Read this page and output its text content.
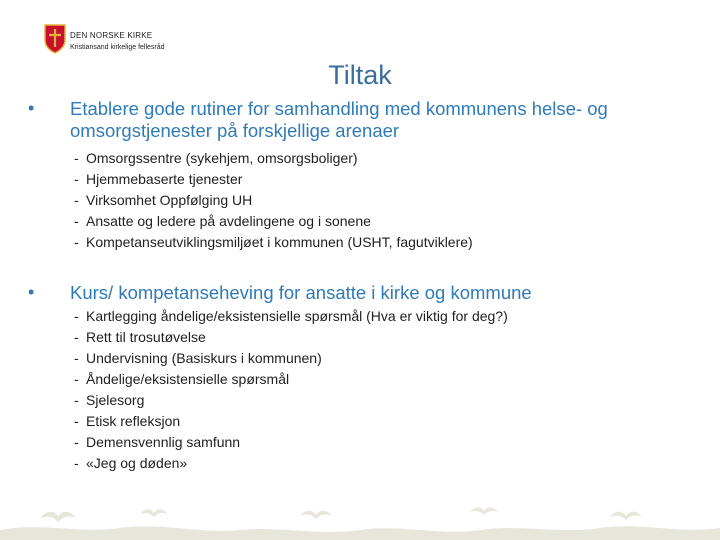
DEN NORSKE KIRKE
Kristiansand kirkelige fellesråd
Tiltak
• Etablere gode rutiner for samhandling med kommunens helse- og omsorgstjenester på forskjellige arenaer
- Omsorgssentre (sykehjem, omsorgsboliger)
- Hjemmebaserte tjenester
- Virksomhet Oppfølging UH
- Ansatte og ledere på avdelingene og i sonene
- Kompetanseutviklingsmiljøet i kommunen (USHT, fagutviklere)
• Kurs/ kompetanseheving for ansatte i kirke og kommune
- Kartlegging åndelige/eksistensielle spørsmål (Hva er viktig for deg?)
- Rett til trosutøvelse
- Undervisning (Basiskurs i kommunen)
- Åndelige/eksistensielle spørsmål
- Sjelesorg
- Etisk refleksjon
- Demensvennlig samfunn
- «Jeg og døden»
